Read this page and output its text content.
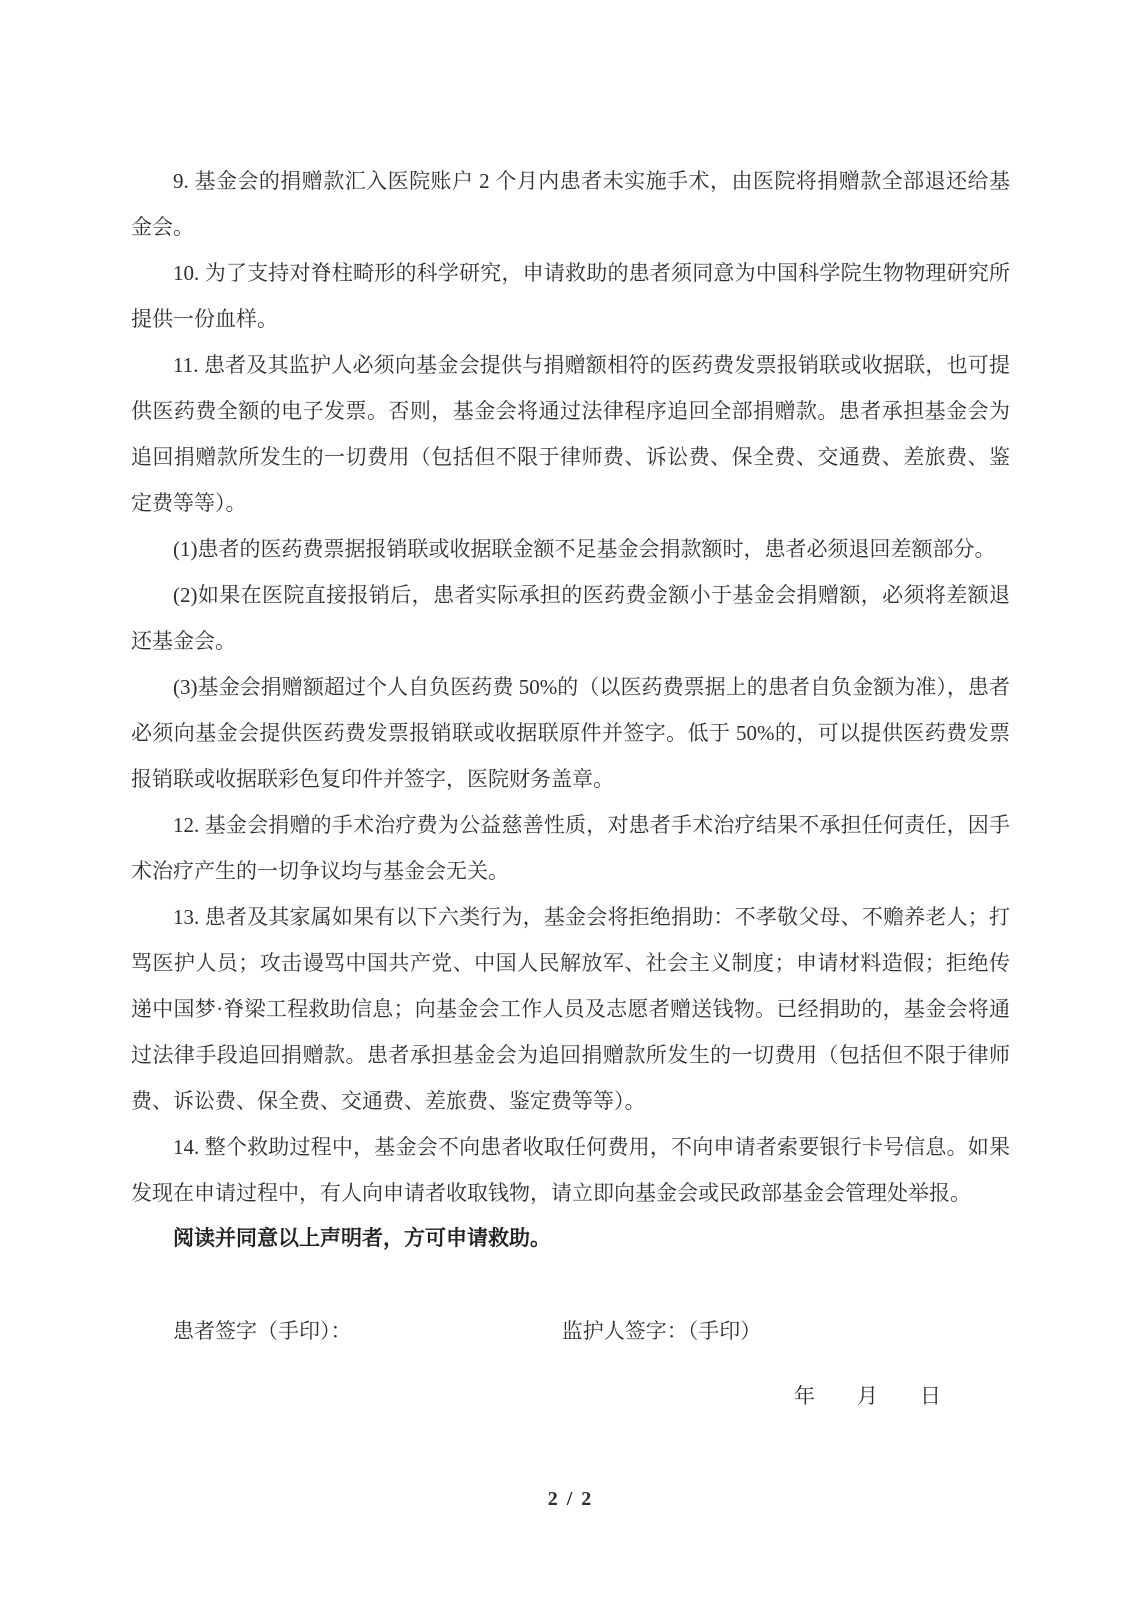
9. 基金会的捐赠款汇入医院账户 2 个月内患者未实施手术，由医院将捐赠款全部退还给基金会。

10. 为了支持对脊柱畸形的科学研究，申请救助的患者须同意为中国科学院生物物理研究所提供一份血样。

11. 患者及其监护人必须向基金会提供与捐赠额相符的医药费发票报销联或收据联，也可提供医药费全额的电子发票。否则，基金会将通过法律程序追回全部捐赠款。患者承担基金会为追回捐赠款所发生的一切费用（包括但不限于律师费、诉讼费、保全费、交通费、差旅费、鉴定费等等）。

(1)患者的医药费票据报销联或收据联金额不足基金会捐款额时，患者必须退回差额部分。

(2)如果在医院直接报销后，患者实际承担的医药费金额小于基金会捐赠额，必须将差额退还基金会。

(3)基金会捐赠额超过个人自负医药费 50%的（以医药费票据上的患者自负金额为准），患者必须向基金会提供医药费发票报销联或收据联原件并签字。低于 50%的，可以提供医药费发票报销联或收据联彩色复印件并签字，医院财务盖章。

12. 基金会捐赠的手术治疗费为公益慈善性质，对患者手术治疗结果不承担任何责任，因手术治疗产生的一切争议均与基金会无关。

13. 患者及其家属如果有以下六类行为，基金会将拒绝捐助：不孝敬父母、不赡养老人；打骂医护人员；攻击谩骂中国共产党、中国人民解放军、社会主义制度；申请材料造假；拒绝传递中国梦·脊梁工程救助信息；向基金会工作人员及志愿者赠送钱物。已经捐助的，基金会将通过法律手段追回捐赠款。患者承担基金会为追回捐赠款所发生的一切费用（包括但不限于律师费、诉讼费、保全费、交通费、差旅费、鉴定费等等）。

14. 整个救助过程中，基金会不向患者收取任何费用，不向申请者索要银行卡号信息。如果发现在申请过程中，有人向申请者收取钱物，请立即向基金会或民政部基金会管理处举报。

阅读并同意以上声明者，方可申请救助。

患者签字（手印）：	监护人签字：（手印）
年　　月　　日
2 / 2
